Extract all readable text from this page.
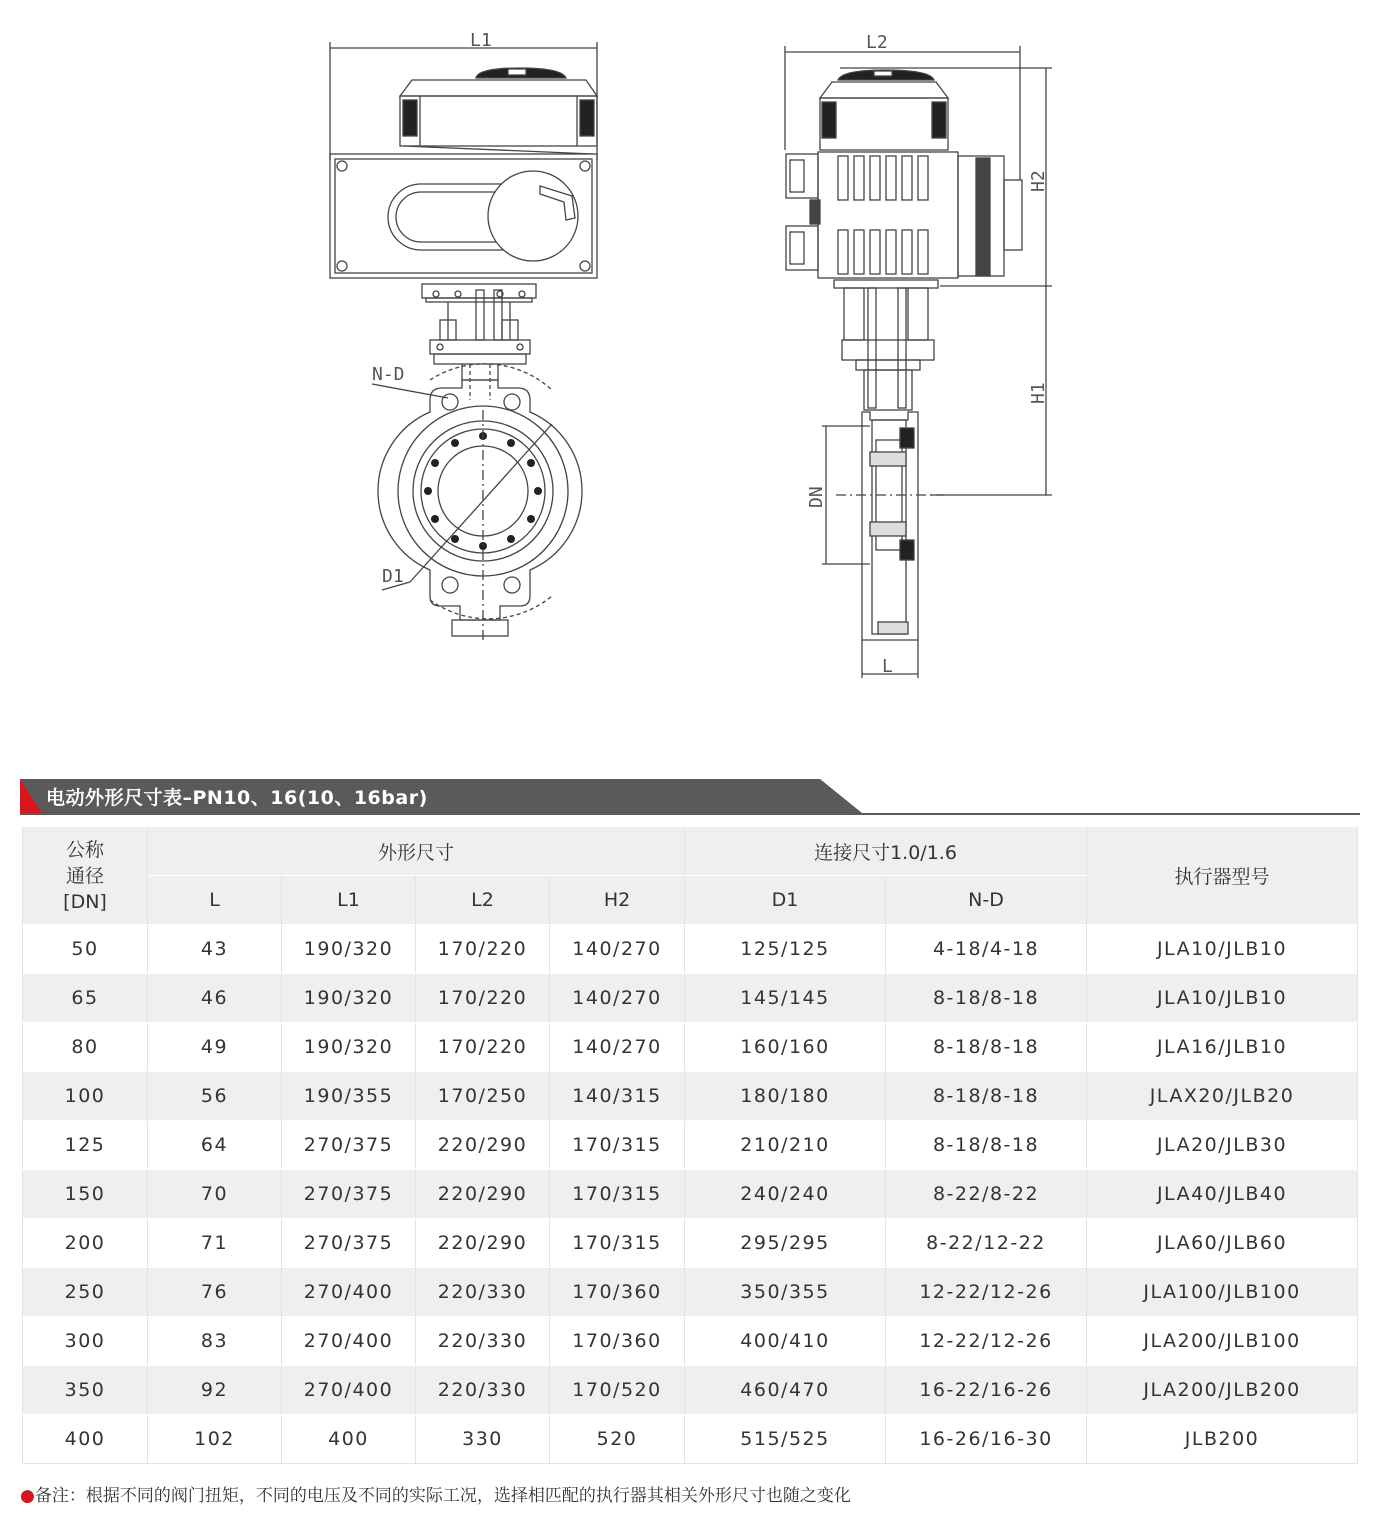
L1	L2
N-D
D1
L
H2
H1
DN
电动外形尺寸表–PN10、16(10、16bar)
公称
通径
[DN]	外形尺寸				连接尺寸1.0/1.6		执行器型号
	L	L1	L2	H2	D1	N-D	
50	43	190/320	170/220	140/270	125/125	4-18/4-18	JLA10/JLB10
65	46	190/320	170/220	140/270	145/145	8-18/8-18	JLA10/JLB10
80	49	190/320	170/220	140/270	160/160	8-18/8-18	JLA16/JLB10
100	56	190/355	170/250	140/315	180/180	8-18/8-18	JLAX20/JLB20
125	64	270/375	220/290	170/315	210/210	8-18/8-18	JLA20/JLB30
150	70	270/375	220/290	170/315	240/240	8-22/8-22	JLA40/JLB40
200	71	270/375	220/290	170/315	295/295	8-22/12-22	JLA60/JLB60
250	76	270/400	220/330	170/360	350/355	12-22/12-26	JLA100/JLB100
300	83	270/400	220/330	170/360	400/410	12-22/12-26	JLA200/JLB100
350	92	270/400	220/330	170/520	460/470	16-22/16-26	JLA200/JLB200
400	102	400	330	520	515/525	16-26/16-30	JLB200
●备注：根据不同的阀门扭矩，不同的电压及不同的实际工况，选择相匹配的执行器其相关外形尺寸也随之变化
